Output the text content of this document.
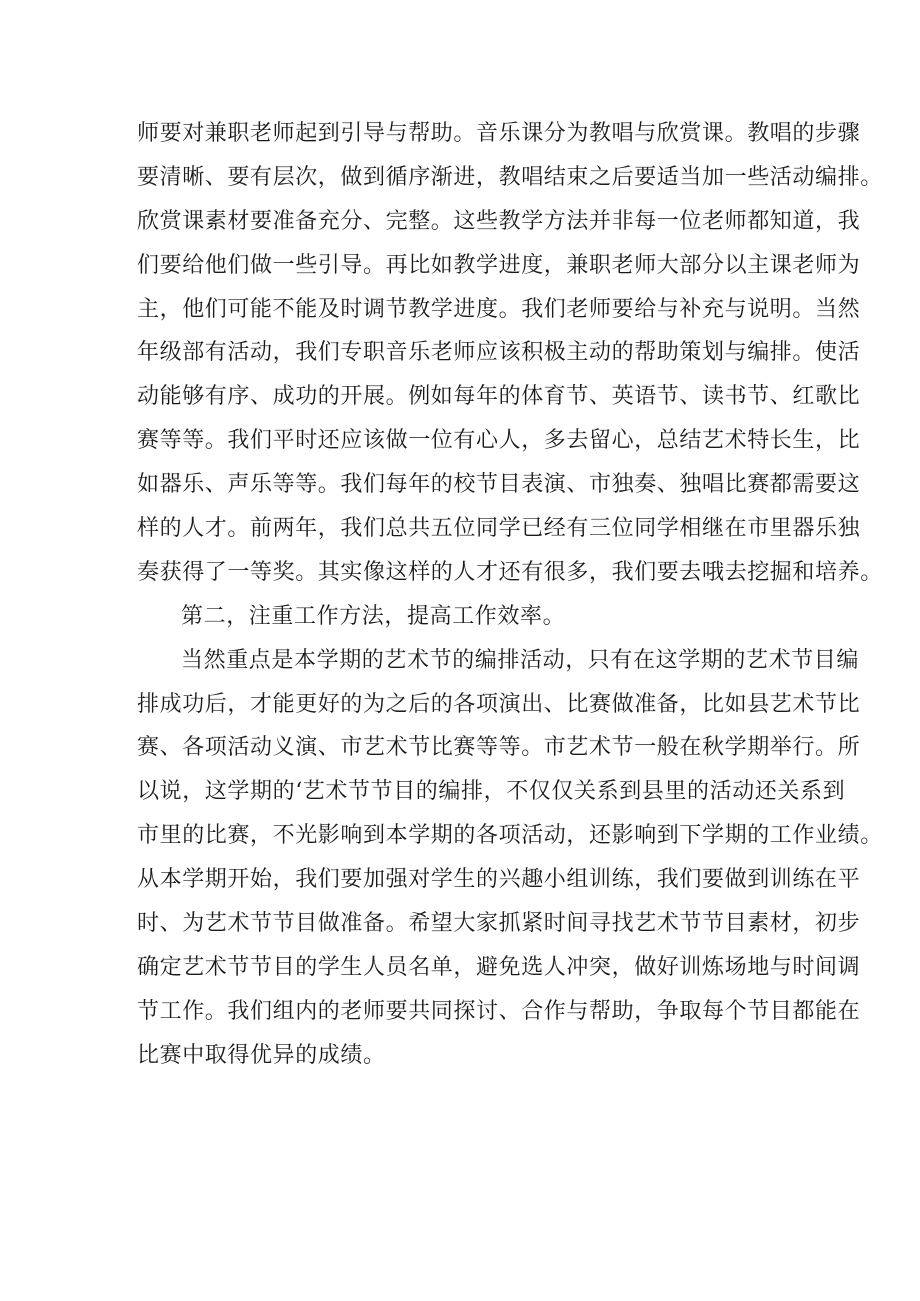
师要对兼职老师起到引导与帮助。音乐课分为教唱与欣赏课。教唱的步骤
要清晰、要有层次，做到循序渐进，教唱结束之后要适当加一些活动编排。
欣赏课素材要准备充分、完整。这些教学方法并非每一位老师都知道，我
们要给他们做一些引导。再比如教学进度，兼职老师大部分以主课老师为
主，他们可能不能及时调节教学进度。我们老师要给与补充与说明。当然
年级部有活动，我们专职音乐老师应该积极主动的帮助策划与编排。使活
动能够有序、成功的开展。例如每年的体育节、英语节、读书节、红歌比
赛等等。我们平时还应该做一位有心人，多去留心，总结艺术特长生，比
如器乐、声乐等等。我们每年的校节目表演、市独奏、独唱比赛都需要这
样的人才。前两年，我们总共五位同学已经有三位同学相继在市里器乐独
奏获得了一等奖。其实像这样的人才还有很多，我们要去哦去挖掘和培养。
第二，注重工作方法，提高工作效率。
当然重点是本学期的艺术节的编排活动，只有在这学期的艺术节目编
排成功后，才能更好的为之后的各项演出、比赛做准备，比如县艺术节比
赛、各项活动义演、市艺术节比赛等等。市艺术节一般在秋学期举行。所
以说，这学期的‘艺术节节目的编排，不仅仅关系到县里的活动还关系到
市里的比赛，不光影响到本学期的各项活动，还影响到下学期的工作业绩。
从本学期开始，我们要加强对学生的兴趣小组训练，我们要做到训练在平
时、为艺术节节目做准备。希望大家抓紧时间寻找艺术节节目素材，初步
确定艺术节节目的学生人员名单，避免选人冲突，做好训炼场地与时间调
节工作。我们组内的老师要共同探讨、合作与帮助，争取每个节目都能在
比赛中取得优异的成绩。
